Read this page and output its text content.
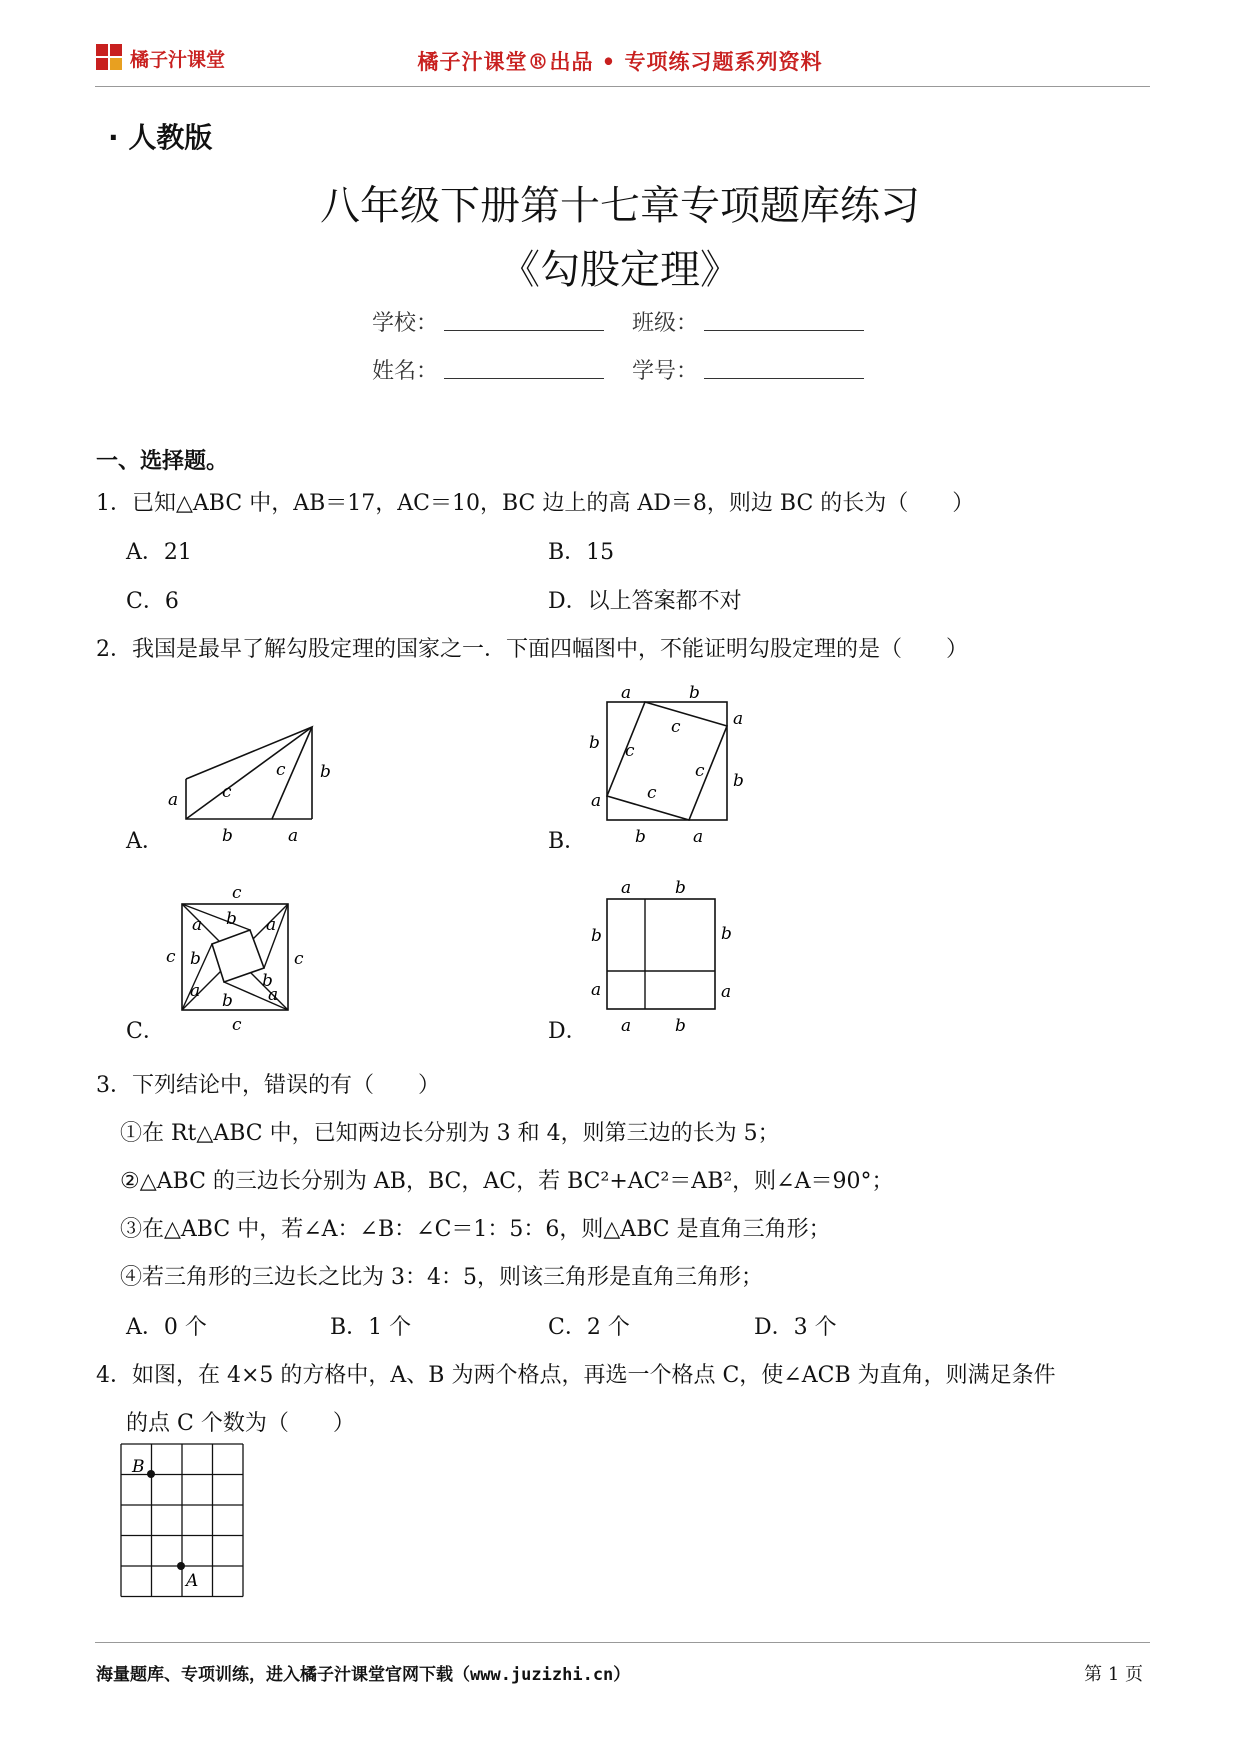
橘子汁课堂	橘子汁课堂®出品 • 专项练习题系列资料
· 人教版
八年级下册第十七章专项题库练习
《勾股定理》
学校：	班级：
姓名：	学号：
一、选择题。
1．已知△ABC 中，AB＝17，AC＝10，BC 边上的高 AD＝8，则边 BC 的长为（　　）
A．21	B．15
C．6	D．以上答案都不对
2．我国是最早了解勾股定理的国家之一．下面四幅图中，不能证明勾股定理的是（　　）
a	c
c b
b	a
A．
a	b
a
b
b
a
b	a
c
c
c
c
B．
c
c
c	c
a b a
b
b
a b a
C．
a	b
b	b
a	a
a	b
D．
3．下列结论中，错误的有（　　）
①在 Rt△ABC 中，已知两边长分别为 3 和 4，则第三边的长为 5；
②△ABC 的三边长分别为 AB，BC，AC，若 BC²+AC²＝AB²，则∠A＝90°；
③在△ABC 中，若∠A：∠B：∠C＝1：5：6，则△ABC 是直角三角形；
④若三角形的三边长之比为 3：4：5，则该三角形是直角三角形；
A．0 个	B．1 个	C．2 个	D．3 个
4．如图，在 4×5 的方格中，A、B 为两个格点，再选一个格点 C，使∠ACB 为直角，则满足条件
的点 C 个数为（　　）
B
A
海量题库、专项训练，进入橘子汁课堂官网下载（www.juzizhi.cn）	第 1 页
